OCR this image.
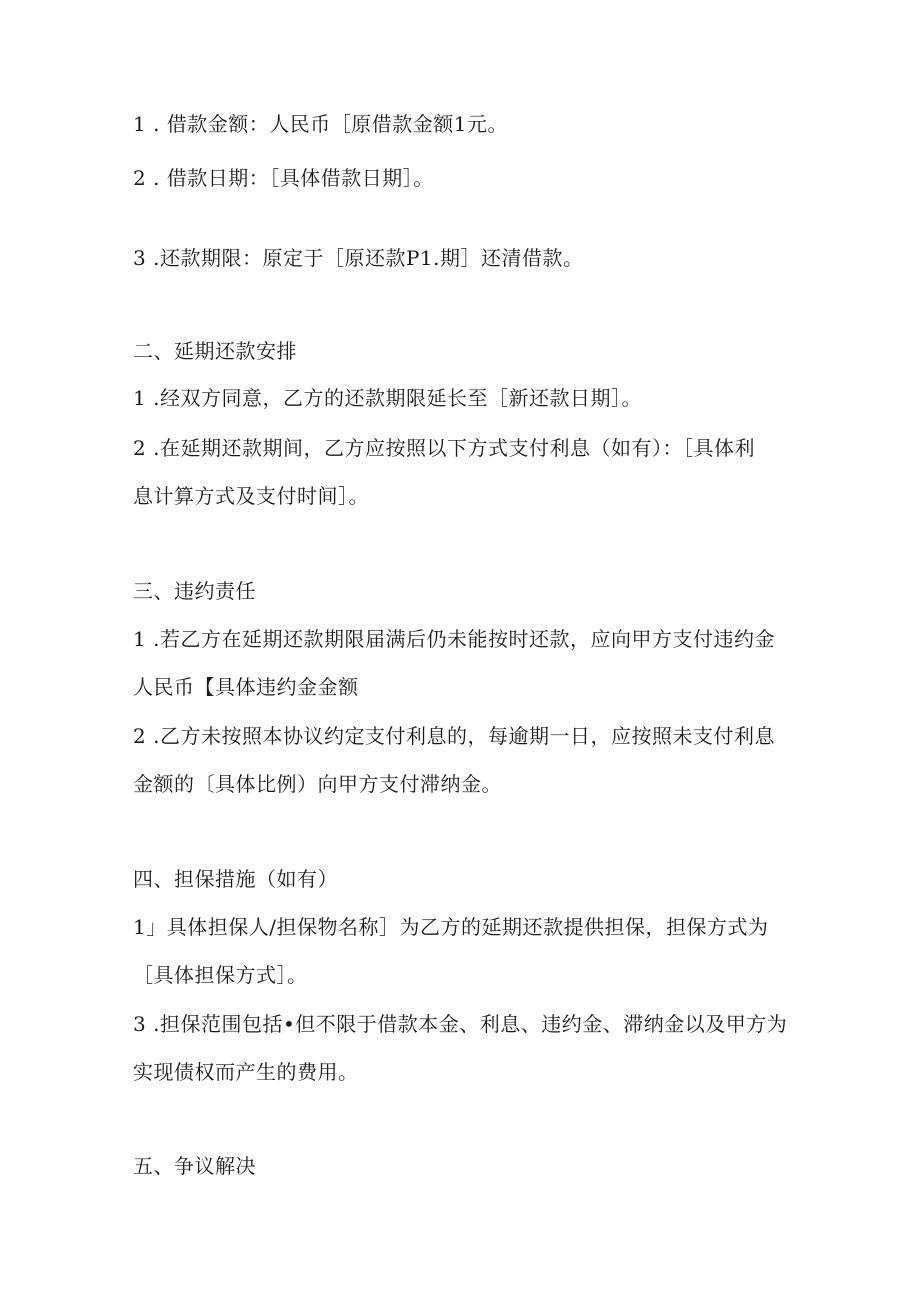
1 . 借款金额：人民币［原借款金额1元。
2 . 借款日期：［具体借款日期］。
3 .还款期限：原定于［原还款P1.期］还清借款。
二、延期还款安排
1 .经双方同意，乙方的还款期限延长至［新还款日期］。
2 .在延期还款期间，乙方应按照以下方式支付利息（如有）：［具体利
息计算方式及支付时间］。
三、违约责任
1 .若乙方在延期还款期限届满后仍未能按时还款，应向甲方支付违约金
人民币【具体违约金金额
2 .乙方未按照本协议约定支付利息的，每逾期一日，应按照未支付利息
金额的〔具体比例）向甲方支付滞纳金。
四、担保措施（如有）
1」具体担保人/担保物名称］为乙方的延期还款提供担保，担保方式为
［具体担保方式］。
3 .担保范围包括•但不限于借款本金、利息、违约金、滞纳金以及甲方为
实现债权而产生的费用。
五、争议解决
